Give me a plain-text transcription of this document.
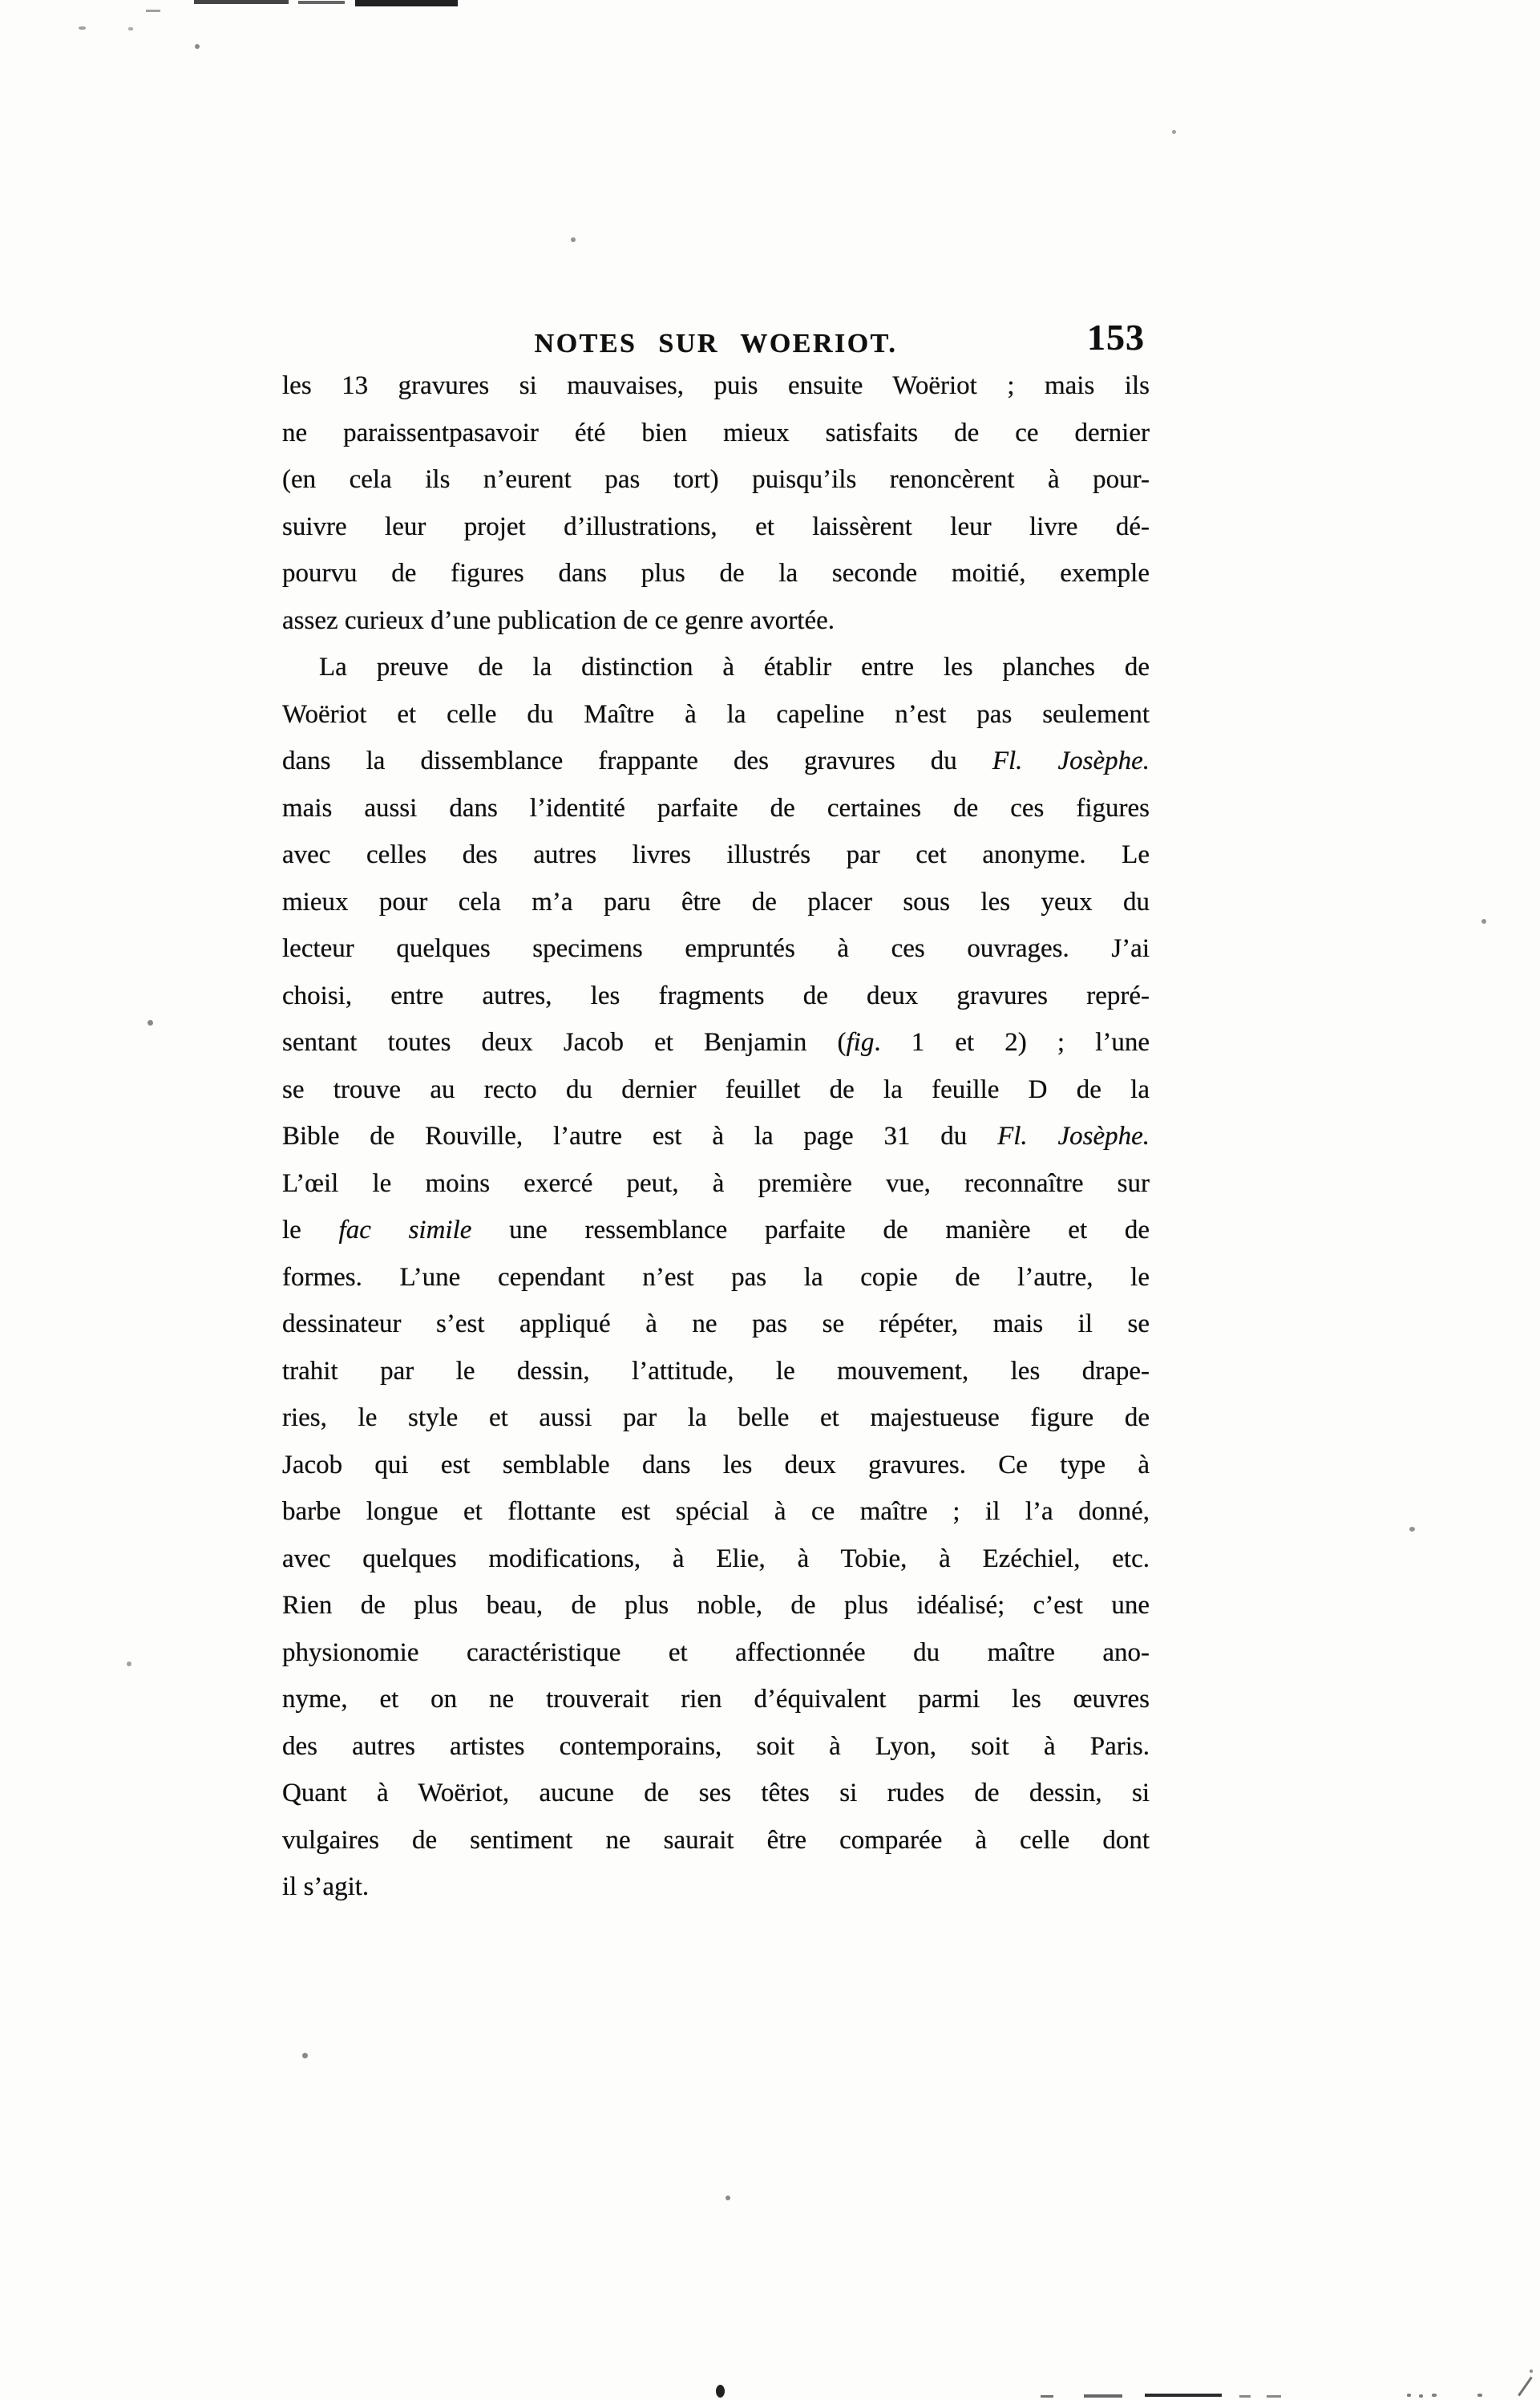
NOTES SUR WOERIOT.	153
les 13 gravures si mauvaises, puis ensuite Woëriot ; mais ils
ne paraissentpasavoir été bien mieux satisfaits de ce dernier
(en cela ils n’eurent pas tort) puisqu’ils renoncèrent à pour-
suivre leur projet d’illustrations, et laissèrent leur livre dé-
pourvu de figures dans plus de la seconde moitié, exemple
assez curieux d’une publication de ce genre avortée.
La preuve de la distinction à établir entre les planches de
Woëriot et celle du Maître à la capeline n’est pas seulement
dans la dissemblance frappante des gravures du Fl. Josèphe.
mais aussi dans l’identité parfaite de certaines de ces figures
avec celles des autres livres illustrés par cet anonyme. Le
mieux pour cela m’a paru être de placer sous les yeux du
lecteur quelques specimens empruntés à ces ouvrages. J’ai
choisi, entre autres, les fragments de deux gravures repré-
sentant toutes deux Jacob et Benjamin (fig. 1 et 2) ; l’une
se trouve au recto du dernier feuillet de la feuille D de la
Bible de Rouville, l’autre est à la page 31 du Fl. Josèphe.
L’œil le moins exercé peut, à première vue, reconnaître sur
le fac simile une ressemblance parfaite de manière et de
formes. L’une cependant n’est pas la copie de l’autre, le
dessinateur s’est appliqué à ne pas se répéter, mais il se
trahit par le dessin, l’attitude, le mouvement, les drape-
ries, le style et aussi par la belle et majestueuse figure de
Jacob qui est semblable dans les deux gravures. Ce type à
barbe longue et flottante est spécial à ce maître ; il l’a donné,
avec quelques modifications, à Elie, à Tobie, à Ezéchiel, etc.
Rien de plus beau, de plus noble, de plus idéalisé; c’est une
physionomie caractéristique et affectionnée du maître ano-
nyme, et on ne trouverait rien d’équivalent parmi les œuvres
des autres artistes contemporains, soit à Lyon, soit à Paris.
Quant à Woëriot, aucune de ses têtes si rudes de dessin, si
vulgaires de sentiment ne saurait être comparée à celle dont
il s’agit.
